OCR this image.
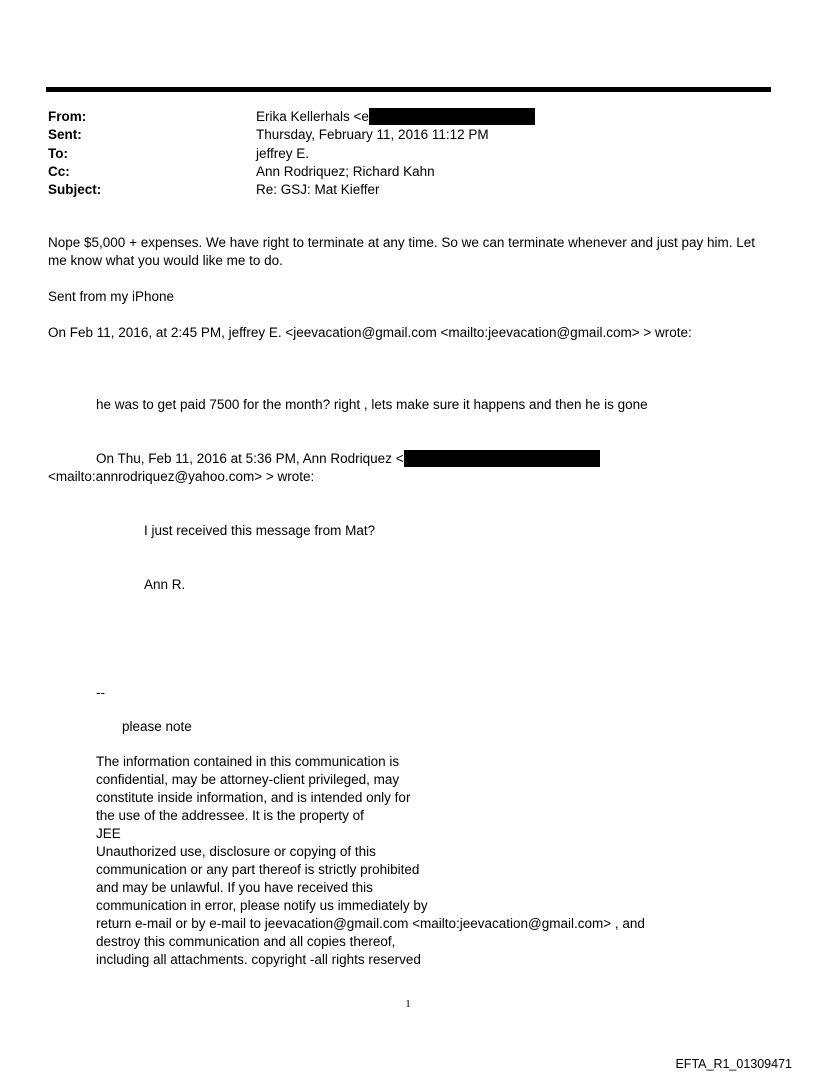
From:	Erika Kellerhals <e
Sent:	Thursday, February 11, 2016 11:12 PM
To:	jeffrey E.
Cc:	Ann Rodriquez; Richard Kahn
Subject:	Re: GSJ: Mat Kieffer
Nope $5,000 + expenses. We have right to terminate at any time. So we can terminate whenever and just pay him. Let
me know what you would like me to do.
Sent from my iPhone
On Feb 11, 2016, at 2:45 PM, jeffrey E. <jeevacation@gmail.com <mailto:jeevacation@gmail.com> > wrote:
he was to get paid 7500 for the month? right , lets make sure it happens and then he is gone
On Thu, Feb 11, 2016 at 5:36 PM, Ann Rodriquez <
<mailto:annrodriquez@yahoo.com> > wrote:
I just received this message from Mat?
Ann R.
--
please note
The information contained in this communication is
confidential, may be attorney-client privileged, may
constitute inside information, and is intended only for
the use of the addressee. It is the property of
JEE
Unauthorized use, disclosure or copying of this
communication or any part thereof is strictly prohibited
and may be unlawful. If you have received this
communication in error, please notify us immediately by
return e-mail or by e-mail to jeevacation@gmail.com <mailto:jeevacation@gmail.com> , and
destroy this communication and all copies thereof,
including all attachments. copyright -all rights reserved
1
EFTA_R1_01309471
